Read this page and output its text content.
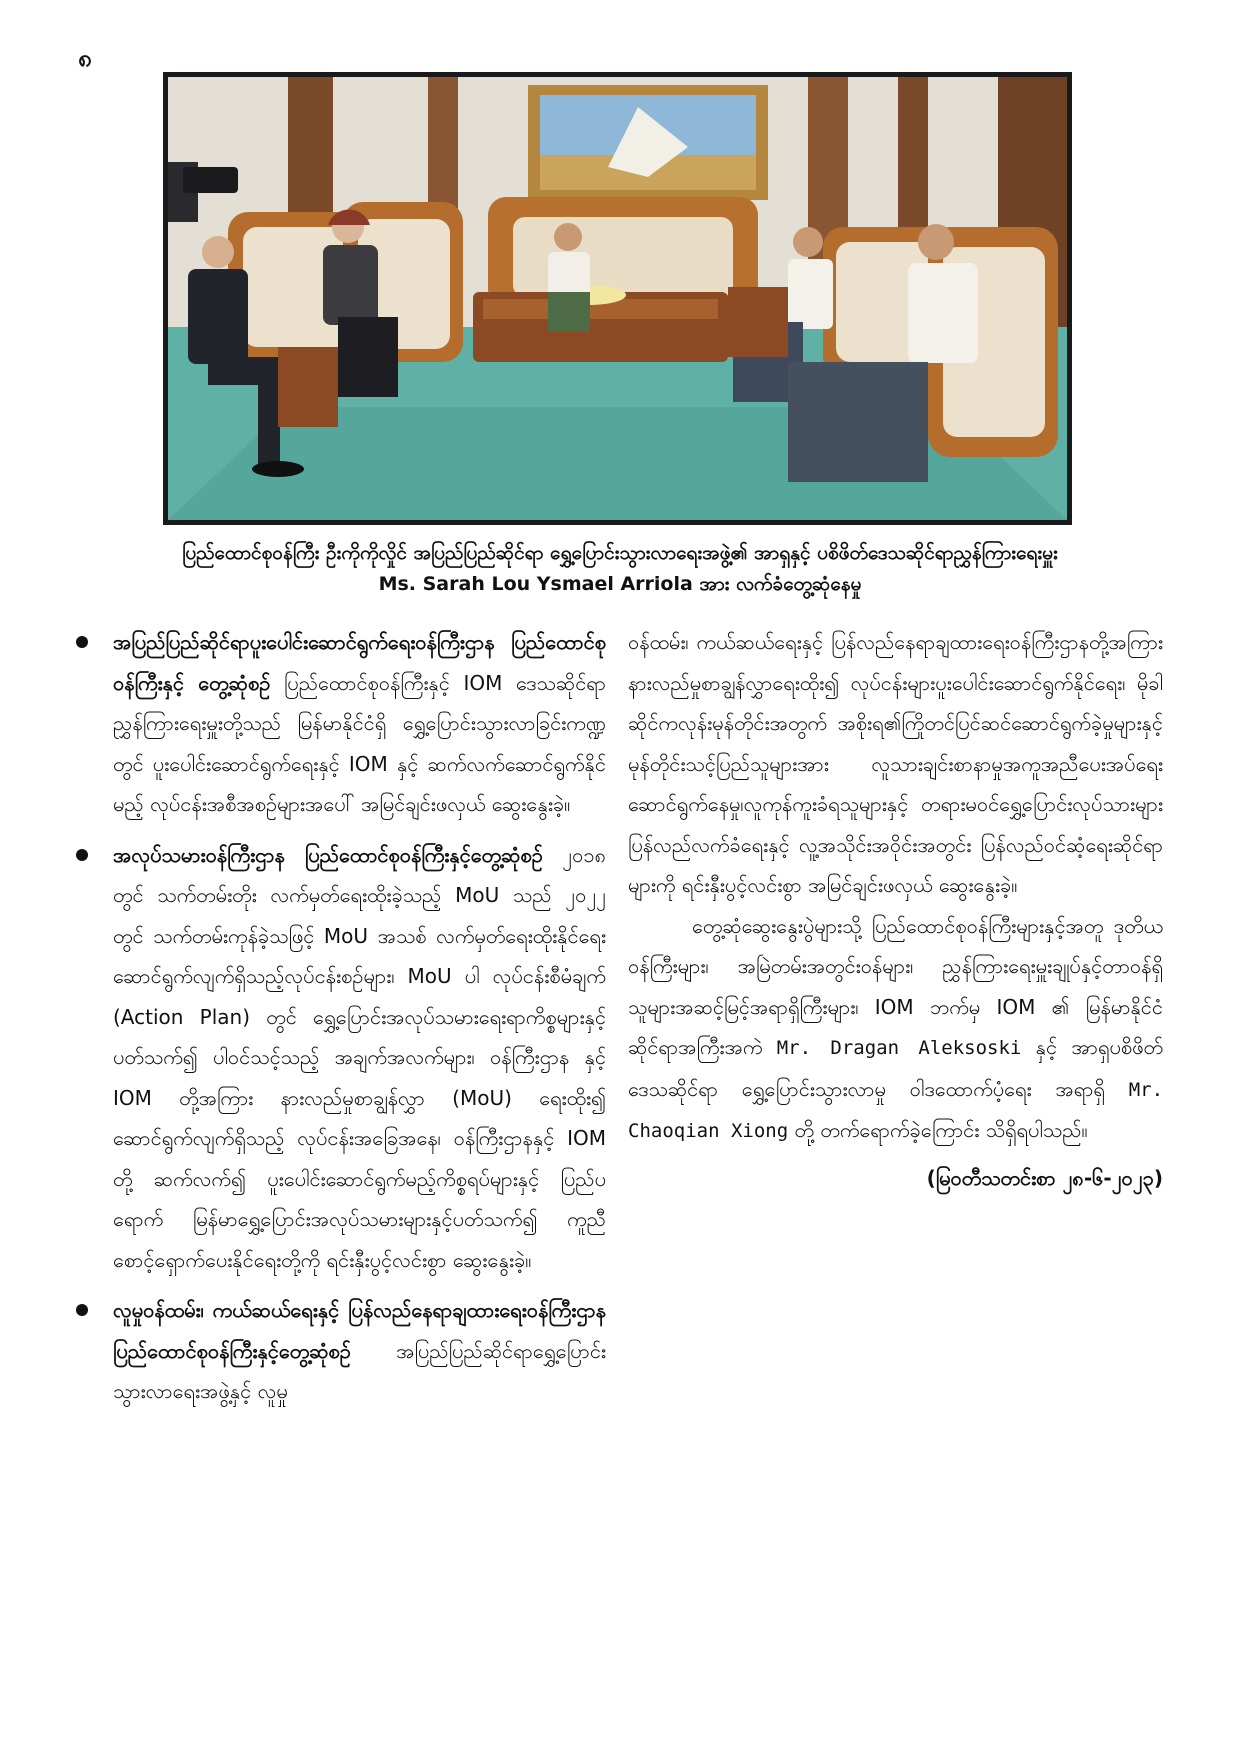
၈
ပြည်ထောင်စုဝန်ကြီး ဦးကိုကိုလှိုင် အပြည်ပြည်ဆိုင်ရာ ရွှေ့ပြောင်းသွားလာရေးအဖွဲ့၏ အာရှနှင့် ပစိဖိတ်ဒေသဆိုင်ရာညွှန်ကြားရေးမှူး
Ms. Sarah Lou Ysmael Arriola အား လက်ခံတွေ့ဆုံနေမှု
အပြည်ပြည်ဆိုင်ရာပူးပေါင်းဆောင်ရွက်ရေးဝန်ကြီးဌာန ပြည်ထောင်စုဝန်ကြီးနှင့် တွေ့ဆုံစဉ် ပြည်ထောင်စုဝန်ကြီးနှင့် IOM ဒေသဆိုင်ရာ ညွှန်ကြားရေးမှူးတို့သည် မြန်မာနိုင်ငံရှိ ရွှေ့ပြောင်းသွားလာခြင်းကဏ္ဍတွင် ပူးပေါင်းဆောင်ရွက်ရေးနှင့် IOM နှင့် ဆက်လက်ဆောင်ရွက်နိုင်မည့် လုပ်ငန်းအစီအစဉ်များအပေါ် အမြင်ချင်းဖလှယ် ဆွေးနွေးခဲ့။
အလုပ်သမားဝန်ကြီးဌာန ပြည်ထောင်စုဝန်ကြီးနှင့်တွေ့ဆုံစဉ် ၂၀၁၈ တွင် သက်တမ်းတိုး လက်မှတ်ရေးထိုးခဲ့သည့် MoU သည် ၂၀၂၂ တွင် သက်တမ်းကုန်ခဲ့သဖြင့် MoU အသစ် လက်မှတ်ရေးထိုးနိုင်ရေး ဆောင်ရွက်လျက်ရှိသည့်လုပ်ငန်းစဉ်များ၊ MoU ပါ လုပ်ငန်းစီမံချက် (Action Plan) တွင် ရွှေ့ပြောင်းအလုပ်သမားရေးရာကိစ္စများနှင့် ပတ်သက်၍ ပါဝင်သင့်သည့် အချက်အလက်များ၊ ဝန်ကြီးဌာန နှင့် IOM တို့အကြား နားလည်မှုစာချွန်လွှာ (MoU) ရေးထိုး၍ ဆောင်ရွက်လျက်ရှိသည့် လုပ်ငန်းအခြေအနေ၊ ဝန်ကြီးဌာနနှင့် IOM တို့ ဆက်လက်၍ ပူးပေါင်းဆောင်ရွက်မည့်ကိစ္စရပ်များနှင့် ပြည်ပရောက် မြန်မာရွှေ့ပြောင်းအလုပ်သမားများနှင့်ပတ်သက်၍ ကူညီစောင့်ရှောက်ပေးနိုင်ရေးတို့ကို ရင်းနှီးပွင့်လင်းစွာ ဆွေးနွေးခဲ့။
လူမှုဝန်ထမ်း၊ ကယ်ဆယ်ရေးနှင့် ပြန်လည်နေရာချထားရေးဝန်ကြီးဌာန ပြည်ထောင်စုဝန်ကြီးနှင့်တွေ့ဆုံစဉ် အပြည်ပြည်ဆိုင်ရာရွှေ့ပြောင်းသွားလာရေးအဖွဲ့နှင့် လူမှု

ဝန်ထမ်း၊ ကယ်ဆယ်ရေးနှင့် ပြန်လည်နေရာချထားရေးဝန်ကြီးဌာနတို့အကြား နားလည်မှုစာချွန်လွှာရေးထိုး၍ လုပ်ငန်းများပူးပေါင်းဆောင်ရွက်နိုင်ရေး၊ မိုခါဆိုင်ကလုန်းမုန်တိုင်းအတွက် အစိုးရ၏ကြိုတင်ပြင်ဆင်ဆောင်ရွက်ခဲ့မှုများနှင့် မုန်တိုင်းသင့်ပြည်သူများအား လူသားချင်းစာနာမှုအကူအညီပေးအပ်ရေးဆောင်ရွက်နေမှု၊လူကုန်ကူးခံရသူများနှင့် တရားမဝင်ရွှေ့ပြောင်းလုပ်သားများ ပြန်လည်လက်ခံရေးနှင့် လူ့အသိုင်းအဝိုင်းအတွင်း ပြန်လည်ဝင်ဆံ့ရေးဆိုင်ရာများကို ရင်းနှီးပွင့်လင်းစွာ အမြင်ချင်းဖလှယ် ဆွေးနွေးခဲ့။

တွေ့ဆုံဆွေးနွေးပွဲများသို့ ပြည်ထောင်စုဝန်ကြီးများနှင့်အတူ ဒုတိယဝန်ကြီးများ၊ အမြဲတမ်းအတွင်းဝန်များ၊ ညွှန်ကြားရေးမှူးချုပ်နှင့်တာဝန်ရှိသူများအဆင့်မြင့်အရာရှိကြီးများ၊ IOM ဘက်မှ IOM ၏ မြန်မာနိုင်ငံဆိုင်ရာအကြီးအကဲ Mr. Dragan Aleksoski နှင့် အာရှပစိဖိတ်ဒေသဆိုင်ရာ ရွှေ့ပြောင်းသွားလာမှု ဝါဒထောက်ပံ့ရေး အရာရှိ Mr. Chaoqian Xiong တို့ တက်ရောက်ခဲ့ကြောင်း သိရှိရပါသည်။

(မြဝတီသတင်းစာ ၂၈-၆-၂၀၂၃)
